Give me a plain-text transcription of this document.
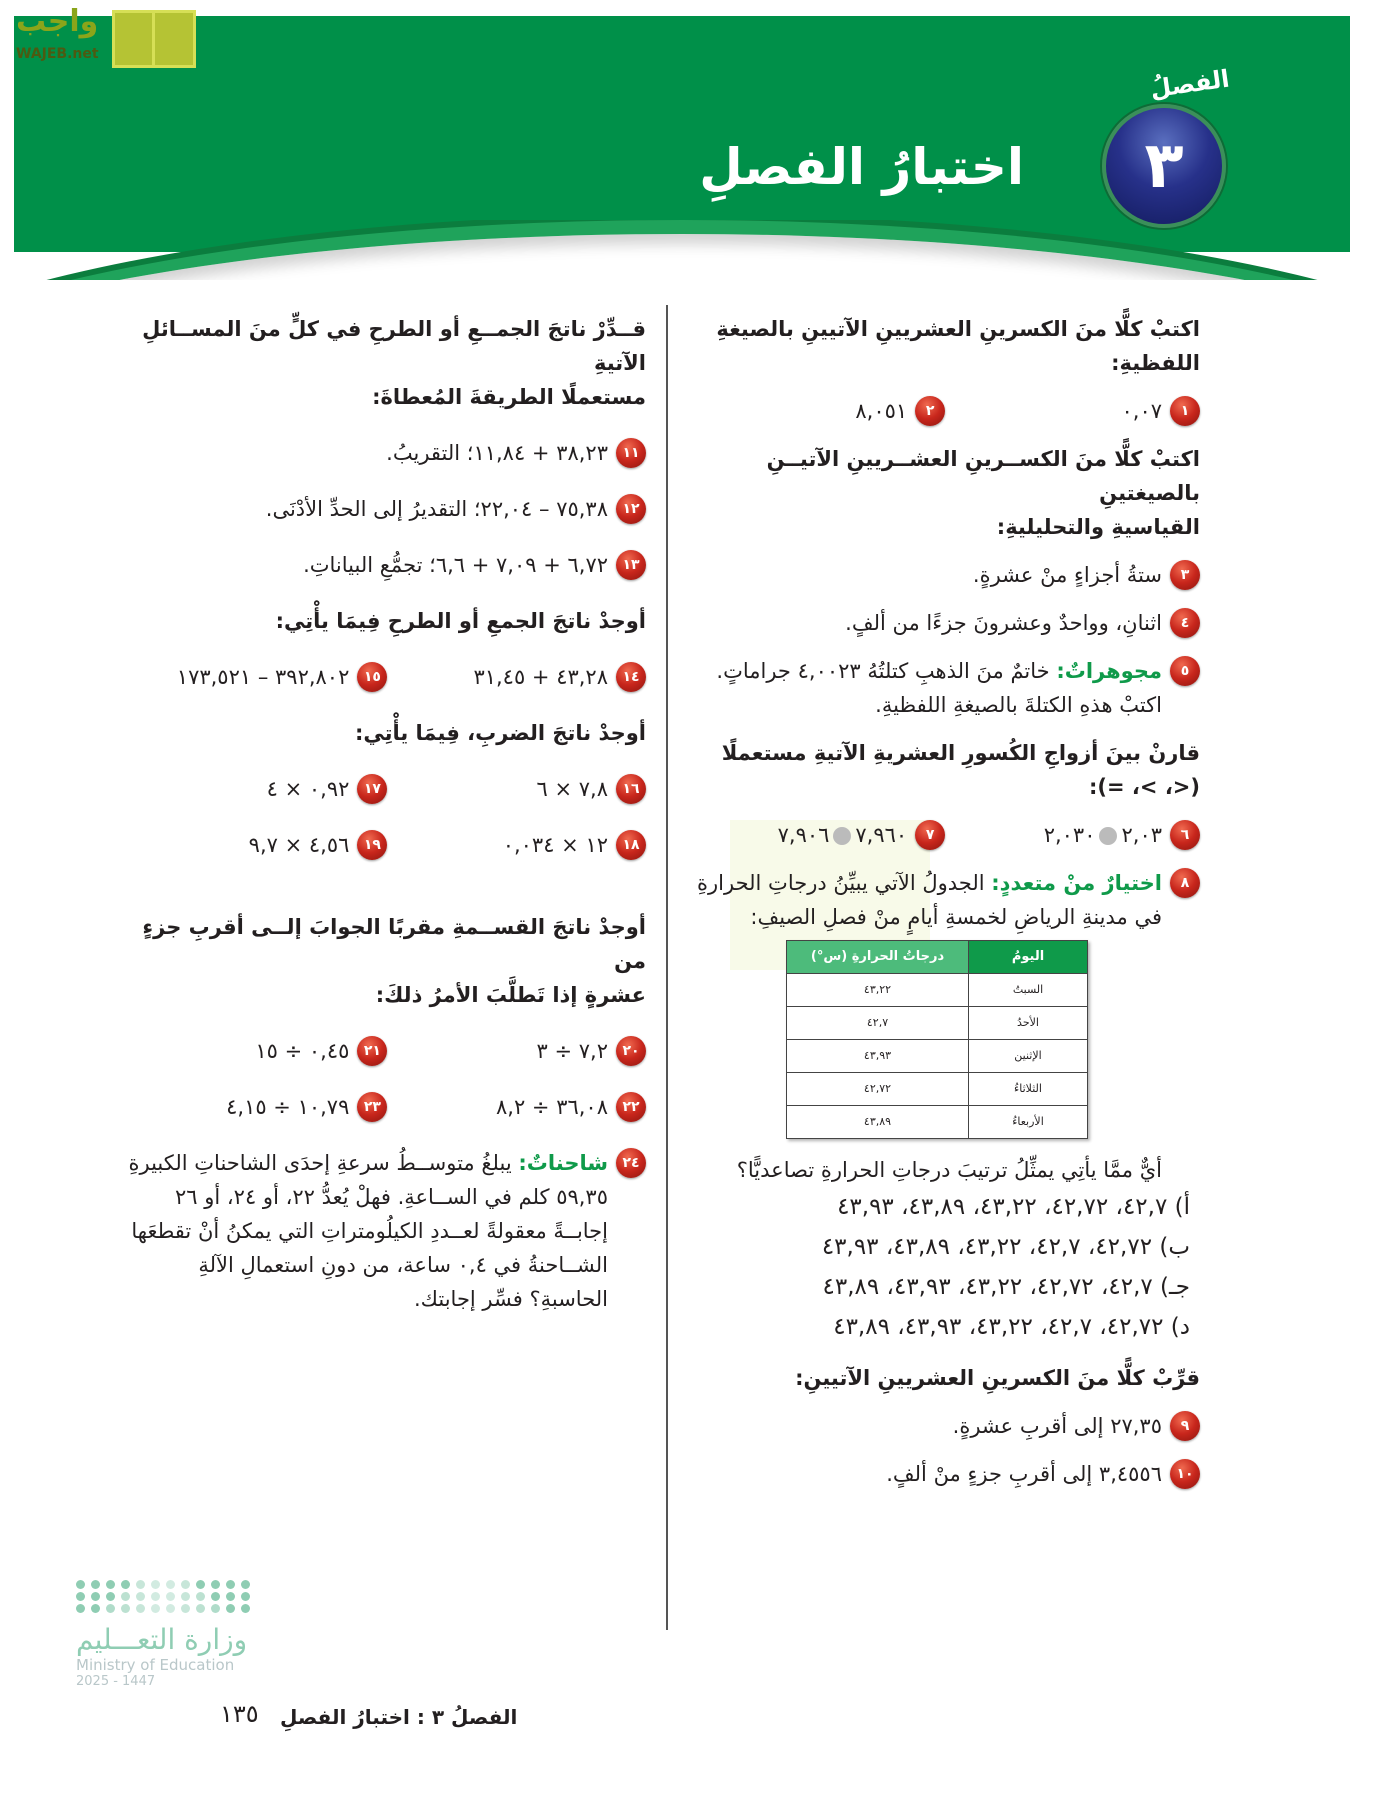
الفصلُ
٣
اختبارُ الفصلِ
واجب
WAJEB.net
اكتبْ كلًّا منَ الكسرينِ العشريينِ الآتيينِ بالصيغةِ اللفظيةِ:
١
٠,٠٧
٢
٨,٠٥١
اكتبْ كلًّا منَ الكســرينِ العشــريينِ الآتيــنِ بالصيغتينِ
القياسيةِ والتحليليةِ:
٣
ستةُ أجزاءٍ منْ عشرةٍ.
٤
اثنانِ، وواحدٌ وعشرونَ جزءًا من ألفٍ.
٥
مجوهراتٌ: خاتمٌ منَ الذهبِ كتلتُهُ ٤,٠٠٢٣ جراماتٍ. اكتبْ هذهِ الكتلةَ بالصيغةِ اللفظيةِ.
قارنْ بينَ أزواجِ الكُسورِ العشريةِ الآتيةِ مستعملًا
(<، >، =):
٦
٢,٠٣٢,٠٣٠
٧
٧,٩٦٠٧,٩٠٦
٨
اختيارٌ منْ متعددٍ: الجدولُ الآتي يبيِّنُ درجاتِ الحرارةِ في مدينةِ الرياضِ لخمسةِ أيامٍ منْ فصلِ الصيفِ:
اليومُ	درجاتُ الحرارةِ (س°)
السبتُ	٤٣,٢٢
الأحدُ	٤٢,٧
الإثنين	٤٣,٩٣
الثلاثاءُ	٤٢,٧٢
الأربعاءُ	٤٣,٨٩
أيٌّ ممَّا يأتِي يمثِّلُ ترتيبَ درجاتِ الحرارةِ تصاعديًّا؟
أ) ٤٢,٧، ٤٢,٧٢، ٤٣,٢٢، ٤٣,٨٩، ٤٣,٩٣
ب) ٤٢,٧٢، ٤٢,٧، ٤٣,٢٢، ٤٣,٨٩، ٤٣,٩٣
جـ) ٤٢,٧، ٤٢,٧٢، ٤٣,٢٢، ٤٣,٩٣، ٤٣,٨٩
د) ٤٢,٧٢، ٤٢,٧، ٤٣,٢٢، ٤٣,٩٣، ٤٣,٨٩
قرِّبْ كلًّا منَ الكسرينِ العشريينِ الآتيينِ:
٩
٢٧,٣٥ إلى أقربِ عشرةٍ.
١٠
٣,٤٥٥٦ إلى أقربِ جزءٍ منْ ألفٍ.
قــدِّرْ ناتجَ الجمــعِ أو الطرحِ في كلٍّ منَ المســائلِ الآتيةِ
مستعملًا الطريقةَ المُعطاةَ:
١١
٣٨,٢٣ + ١١,٨٤؛ التقريبُ.
١٢
٧٥,٣٨ – ٢٢,٠٤؛ التقديرُ إلى الحدِّ الأدْنَى.
١٣
٦,٧٢ + ٧,٠٩ + ٦,٦؛ تجمُّعِ البياناتِ.
أوجدْ ناتجَ الجمعِ أو الطرحِ فِيمَا يأْتِي:
١٤
٤٣,٢٨ + ٣١,٤٥
١٥
٣٩٢,٨٠٢ – ١٧٣,٥٢١
أوجدْ ناتجَ الضربِ، فِيمَا يأْتِي:
١٦
٧,٨ × ٦
١٧
٠,٩٢ × ٤
١٨
١٢ × ٠,٠٣٤
١٩
٤,٥٦ × ٩,٧
أوجدْ ناتجَ القســمةِ مقربًا الجوابَ إلــى أقربِ جزءٍ من
عشرةٍ إذا تَطلَّبَ الأمرُ ذلكَ:
٢٠
٧,٢ ÷ ٣
٢١
٠,٤٥ ÷ ١٥
٢٢
٣٦,٠٨ ÷ ٨,٢
٢٣
١٠,٧٩ ÷ ٤,١٥
٢٤
شاحناتٌ: يبلغُ متوســطُ سرعةِ إحدَى الشاحناتِ الكبيرةِ ٥٩,٣٥ كلم في الســاعةِ. فهلْ يُعدُّ ٢٢، أو ٢٤، أو ٢٦ إجابــةً معقولةً لعــددِ الكيلُومتراتِ التي يمكنُ أنْ تقطعَها الشــاحنةُ في ٠,٤ ساعة، من دونِ استعمالِ الآلةِ الحاسبةِ؟ فسِّر إجابتك.
وزارة التعـــليم
Ministry of Education
2025 - 1447
الفصلُ ٣ : اختبارُ الفصلِ
١٣٥
